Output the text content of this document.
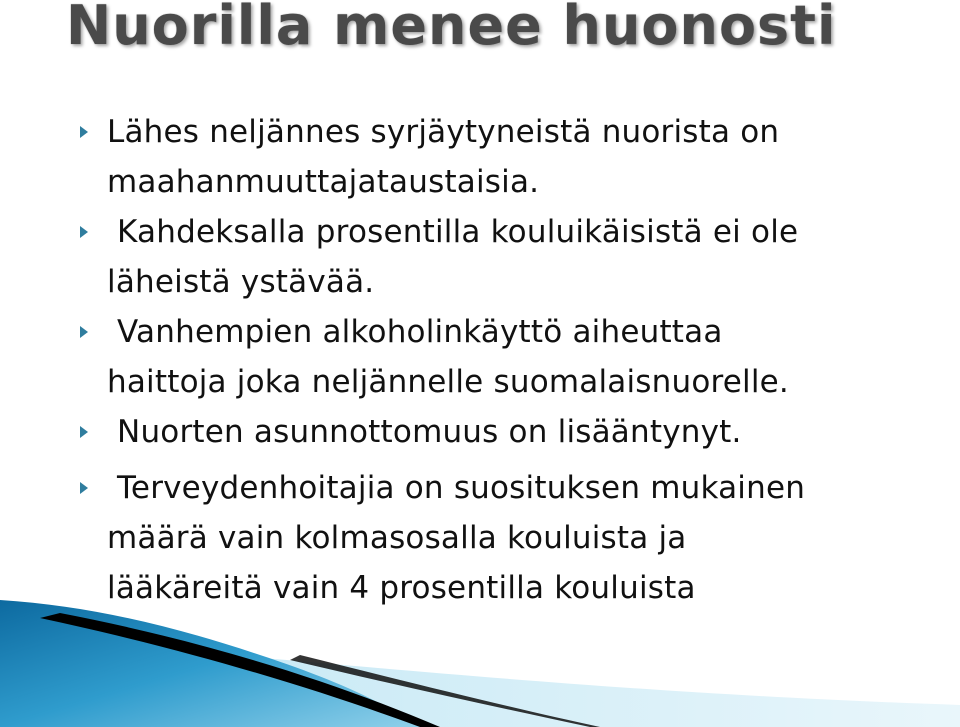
Nuorilla menee huonosti

Lähes neljännes syrjäytyneistä nuorista on
maahanmuuttajataustaisia.

Kahdeksalla prosentilla kouluikäisistä ei ole
läheistä ystävää.

Vanhempien alkoholinkäyttö aiheuttaa
haittoja joka neljännelle suomalaisnuorelle.

Nuorten asunnottomuus on lisääntynyt.

Terveydenhoitajia on suosituksen mukainen
määrä vain kolmasosalla kouluista ja
lääkäreitä vain 4 prosentilla kouluista
